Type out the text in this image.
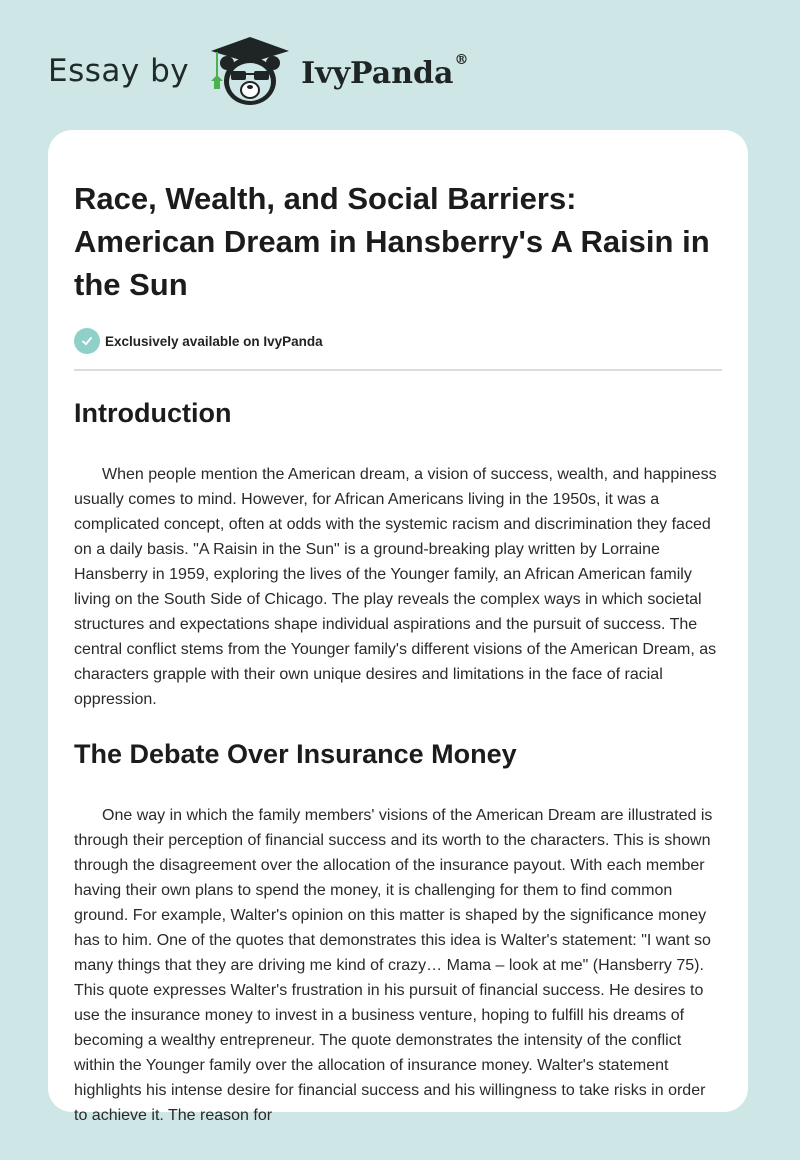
Essay by	IvyPanda®
Race, Wealth, and Social Barriers: American Dream in Hansberry's A Raisin in the Sun
Exclusively available on IvyPanda
Introduction

When people mention the American dream, a vision of success, wealth, and happiness usually comes to mind. However, for African Americans living in the 1950s, it was a complicated concept, often at odds with the systemic racism and discrimination they faced on a daily basis. "A Raisin in the Sun" is a ground-breaking play written by Lorraine Hansberry in 1959, exploring the lives of the Younger family, an African American family living on the South Side of Chicago. The play reveals the complex ways in which societal structures and expectations shape individual aspirations and the pursuit of success. The central conflict stems from the Younger family's different visions of the American Dream, as characters grapple with their own unique desires and limitations in the face of racial oppression.

The Debate Over Insurance Money

One way in which the family members' visions of the American Dream are illustrated is through their perception of financial success and its worth to the characters. This is shown through the disagreement over the allocation of the insurance payout. With each member having their own plans to spend the money, it is challenging for them to find common ground. For example, Walter's opinion on this matter is shaped by the significance money has to him. One of the quotes that demonstrates this idea is Walter's statement: "I want so many things that they are driving me kind of crazy… Mama – look at me" (Hansberry 75). This quote expresses Walter's frustration in his pursuit of financial success. He desires to use the insurance money to invest in a business venture, hoping to fulfill his dreams of becoming a wealthy entrepreneur. The quote demonstrates the intensity of the conflict within the Younger family over the allocation of insurance money. Walter's statement highlights his intense desire for financial success and his willingness to take risks in order to achieve it. The reason for
